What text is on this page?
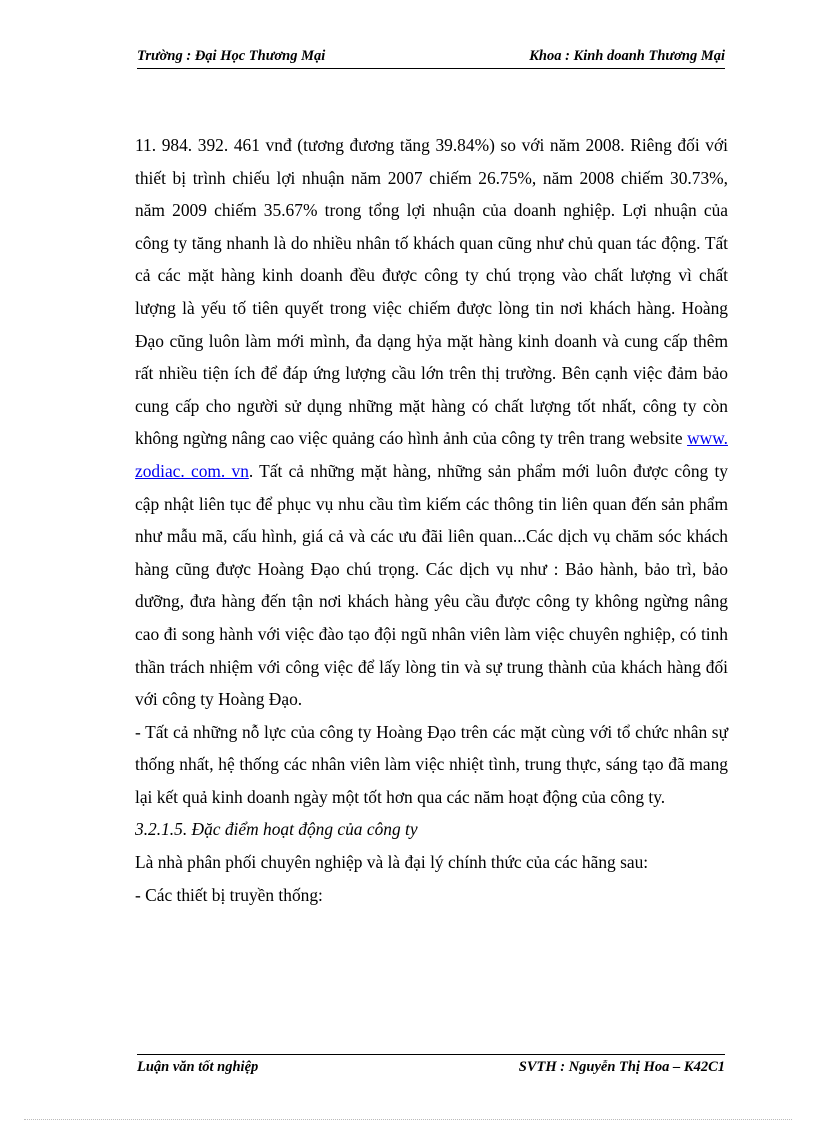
Trường : Đại Học Thương Mại	Khoa : Kinh doanh Thương Mại

11. 984. 392. 461 vnđ (tương đương tăng 39.84%) so với năm 2008. Riêng đối với thiết bị trình chiếu lợi nhuận năm 2007 chiếm 26.75%, năm 2008 chiếm 30.73%, năm 2009 chiếm 35.67% trong tổng lợi nhuận của doanh nghiệp. Lợi nhuận của công ty tăng nhanh là do nhiều nhân tố khách quan cũng như chủ quan tác động. Tất cả các mặt hàng kinh doanh đều được công ty chú trọng vào chất lượng vì chất lượng là yếu tố tiên quyết trong việc chiếm được lòng tin nơi khách hàng. Hoàng Đạo cũng luôn làm mới mình, đa dạng hỷa mặt hàng kinh doanh và cung cấp thêm rất nhiều tiện ích để đáp ứng lượng cầu lớn trên thị trường. Bên cạnh việc đảm bảo cung cấp cho người sử dụng những mặt hàng có chất lượng tốt nhất, công ty còn không ngừng nâng cao việc quảng cáo hình ảnh của công ty trên trang website www. zodiac. com. vn. Tất cả những mặt hàng, những sản phẩm mới luôn được công ty cập nhật liên tục để phục vụ nhu cầu tìm kiếm các thông tin liên quan đến sản phẩm như mẫu mã, cấu hình, giá cả và các ưu đãi liên quan...Các dịch vụ chăm sóc khách hàng cũng được Hoàng Đạo chú trọng. Các dịch vụ như : Bảo hành, bảo trì, bảo dưỡng, đưa hàng đến tận nơi khách hàng yêu cầu được công ty không ngừng nâng cao đi song hành với việc đào tạo đội ngũ nhân viên làm việc chuyên nghiệp, có tinh thần trách nhiệm với công việc để lấy lòng tin và sự trung thành của khách hàng đối với công ty Hoàng Đạo.

- Tất cả những nỗ lực của công ty Hoàng Đạo trên các mặt cùng với tổ chức nhân sự thống nhất, hệ thống các nhân viên làm việc nhiệt tình, trung thực, sáng tạo đã mang lại kết quả kinh doanh ngày một tốt hơn qua các năm hoạt động của công ty.

3.2.1.5. Đặc điểm hoạt động của công ty

Là nhà phân phối chuyên nghiệp và là đại lý chính thức của các hãng sau:

- Các thiết bị truyền thống:

Luận văn tốt nghiệp	SVTH : Nguyễn Thị Hoa – K42C1
